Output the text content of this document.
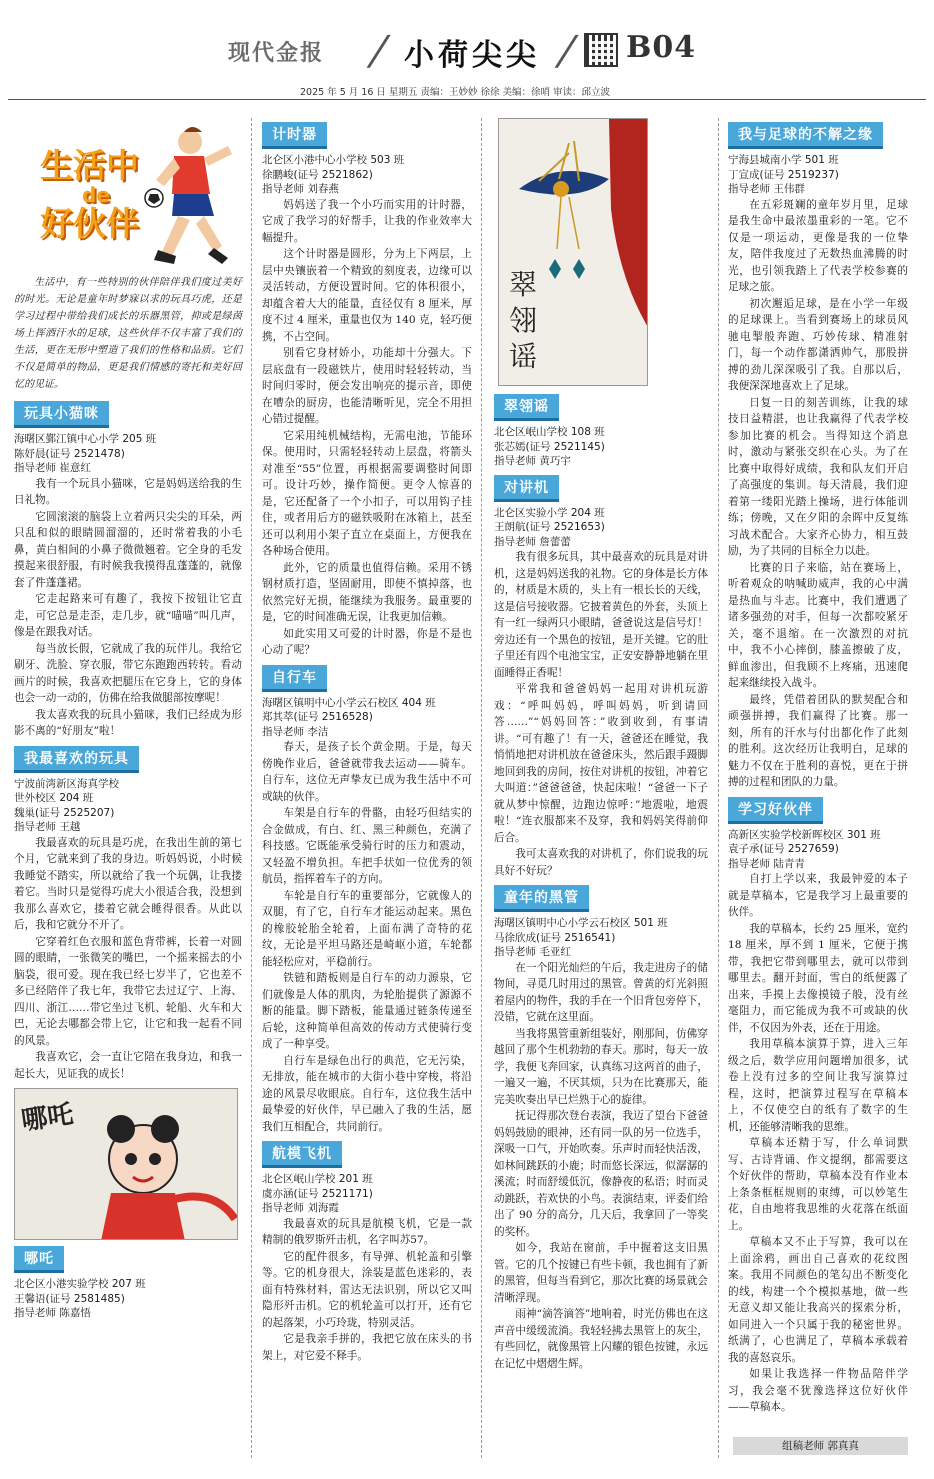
现代金报 / 小荷尖尖 / B04
2025 年 5 月 16 日 星期五 责编：王妙妙 徐徐 美编：徐哨 审读：邱立波
生活中
de
好伙伴

生活中，有一些特别的伙伴陪伴我们度过美好的时光。无论是童年时梦寐以求的玩具巧虎，还是学习过程中带给我们成长的乐器黑管，抑或是绿茵场上挥洒汗水的足球，这些伙伴不仅丰富了我们的生活，更在无形中塑造了我们的性格和品质。它们不仅是简单的物品，更是我们情感的寄托和美好回忆的见证。

玩具小猫咪
海曙区鄞江镇中心小学 205 班
陈妤晨(证号 2521478)
指导老师 崔意红

我有一个玩具小猫咪，它是妈妈送给我的生日礼物。

它圆滚滚的脑袋上立着两只尖尖的耳朵，两只乱和似的眼睛圆溜溜的，还时常着我的小毛鼻，黄白相间的小鼻子微微翘着。它全身的毛发摸起来很舒服，有时候我我摸得乱蓬蓬的，就像套了件蓬蓬裙。

它走起路来可有趣了，我按下按钮让它直走，可它总是走歪，走几步，就“喵喵”叫几声，像是在跟我对话。

每当放长假，它就成了我的玩伴儿。我给它刷牙、洗脸、穿衣服，带它东跑跑西转转。看动画片的时候，我喜欢把腿压在它身上，它的身体也会一动一动的，仿佛在给我做腿部按摩呢！

我太喜欢我的玩具小猫咪，我们已经成为形影不离的“好朋友”啦！

我最喜欢的玩具
宁波前湾新区海真学校
世外校区 204 班
魏巢(证号 2525207)
指导老师 王越

我最喜欢的玩具是巧虎，在我出生前的第七个月，它就来到了我的身边。听妈妈说，小时候我睡觉不踏实，所以就给了我一个玩偶，让我搂着它。当时只是觉得巧虎大小很适合我，没想到我那么喜欢它，搂着它就会睡得很香。从此以后，我和它就分不开了。

它穿着红色衣服和蓝色背带裤，长着一对圆圆的眼睛，一张微笑的嘴巴，一个摇来摇去的小脑袋，很可爱。现在我已经七岁半了，它也差不多已经陪伴了我七年，我带它去过辽宁、上海、四川、浙江……带它坐过飞机、轮船、火车和大巴，无论去哪都会带上它，让它和我一起看不同的风景。

我喜欢它，会一直让它陪在我身边，和我一起长大，见证我的成长！

哪吒
哪吒
北仑区小港实验学校 207 班
王馨语(证号 2581485)
指导老师 陈嘉悟
计时器
北仑区小港中心小学校 503 班
徐鹏峻(证号 2521862)
指导老师 刘春燕

妈妈送了我一个小巧而实用的计时器，它成了我学习的好帮手，让我的作业效率大幅提升。

这个计时器是圆形，分为上下两层，上层中央镶嵌着一个精致的刻度表，边缘可以灵活转动，方便设置时间。它的体积很小，却蕴含着大大的能量，直径仅有 8 厘米，厚度不过 4 厘米，重量也仅为 140 克，轻巧便携，不占空间。

别看它身材娇小，功能却十分强大。下层底盘有一段磁铁片，使用时轻轻转动，当时间归零时，便会发出响亮的提示音，即使在嘈杂的厨房，也能清晰听见，完全不用担心错过提醒。

它采用纯机械结构，无需电池，节能环保。使用时，只需轻轻转动上层盘，将箭头对准至“55”位置，再根据需要调整时间即可。设计巧妙，操作简便。更令人惊喜的是，它还配备了一个小扣子，可以用钩子挂住，或者用后方的磁铁吸附在冰箱上，甚至还可以利用小架子直立在桌面上，方便我在各种场合使用。

此外，它的质量也值得信赖。采用不锈钢材质打造，坚固耐用，即使不慎掉落，也依然完好无损，能继续为我服务。最重要的是，它的时间准确无误，让我更加信赖。

如此实用又可爱的计时器，你是不是也心动了呢？

自行车
海曙区镇明中心小学云石校区 404 班
郑其萃(证号 2516528)
指导老师 李洁

春天，是孩子长个黄金期。于是，每天傍晚作业后，爸爸就带我去运动——骑车。自行车，这位无声挚友已成为我生活中不可或缺的伙伴。

车架是自行车的骨骼，由轻巧但结实的合金做成，有白、红、黑三种颜色，充满了科技感。它既能承受骑行时的压力和震动，又轻盈不增负担。车把手状如一位优秀的领航员，指挥着车子的方向。

车轮是自行车的重要部分，它就像人的双腿，有了它，自行车才能运动起来。黑色的橡胶轮胎全轮着，上面布满了奇特的花纹，无论是平坦马路还是崎岖小道，车轮都能轻松应对，平稳前行。

铁链和踏板则是自行车的动力源泉，它们就像是人体的肌肉，为轮胎提供了源源不断的能量。脚下踏板，能量通过链条传递至后轮，这种简单但高效的传动方式使骑行变成了一种享受。

自行车是绿色出行的典范，它无污染，无排放，能在城市的大街小巷中穿梭，将沿途的风景尽收眼底。自行车，这位我生活中最挚爱的好伙伴，早已融入了我的生活，愿我们互相配合，共同前行。

航模飞机
北仑区岷山学校 201 班
虞亦涵(证号 2521171)
指导老师 刘海霞

我最喜欢的玩具是航模飞机，它是一款精制的俄罗斯歼击机，名字叫苏57。

它的配件很多，有导弹、机轮盖和引擎等。它的机身很大，涂装是蓝色迷彩的，表面有特殊材料，雷达无法识别，所以它又叫隐形歼击机。它的机轮盖可以打开，还有它的起落架，小巧玲珑，特别灵活。

它是我亲手拼的，我把它放在床头的书架上，对它爱不释手。

翠翎谣
翠翎谣
北仑区岷山学校 108 班
张芯嫣(证号 2521145)
指导老师 黄巧宇
对讲机
北仑区实验小学 204 班
王朗航(证号 2521653)
指导老师 詹蕾蕾

我有很多玩具，其中最喜欢的玩具是对讲机，这是妈妈送我的礼物。它的身体是长方体的，材质是木质的，头上有一根长长的天线，这是信号接收器。它披着黄色的外套，头顶上有一红一绿两只小眼睛，爸爸说这是信号灯！旁边还有一个黑色的按钮，是开关键。它的肚子里还有四个电池宝宝，正安安静静地躺在里面睡得正香呢！

平常我和爸爸妈妈一起用对讲机玩游戏：“呼叫妈妈，呼叫妈妈，听到请回答……”“妈妈回答：”收到收到，有事请讲。“可有趣了！有一天，爸爸还在睡觉，我悄悄地把对讲机放在爸爸床头，然后跟手蹑脚地回到我的房间，按住对讲机的按钮，冲着它大叫道：”爸爸爸爸，快起床啦！“爸爸一下子就从梦中惊醒，边跑边惊呼：”地震啦，地震啦！“连衣服都来不及穿，我和妈妈笑得前仰后合。

我可太喜欢我的对讲机了，你们说我的玩具好不好玩？

童年的黑管
海曙区镇明中心小学云石校区 501 班
马徐欣成(证号 2516541)
指导老师 毛亚红

在一个阳光灿烂的午后，我走进房子的储物间，寻觅几时用过的黑管。曾黄的灯光斜照着屋内的物件，我的手在一个旧背包旁停下，没错，它就在这里面。

当我将黑管重新组装好，刚那间，仿佛穿越回了那个生机勃勃的春天。那时，每天一放学，我便飞奔回家，认真练习这两首的曲子，一遍又一遍，不厌其烦，只为在比赛那天，能完美吹奏出早已烂熟于心的旋律。

抚记得那次登台表演，我迈了望台下爸爸妈妈鼓励的眼神，还有同一队的另一位选手，深吸一口气，开始吹奏。乐声时而轻快活泼，如林间跳跃的小鹿；时而悠长深远，似潺潺的溪流；时而舒缓低沉，像静夜的私语；时而灵动跳跃，若欢快的小鸟。表演结束，评委们给出了 90 分的高分，几天后，我拿回了一等奖的奖杯。

如今，我站在窗前，手中握着这支旧黑管。它的几个按键已有些卡顿，我也拥有了新的黑管，但每当看到它，那次比赛的场景就会清晰浮现。

雨神“滴答滴答”地响着，时光仿佛也在这声音中缓缓流淌。我轻轻拂去黑管上的灰尘，有些回忆，就像黑管上闪耀的银色按键，永远在记忆中熠熠生辉。

我与足球的不解之缘
宁海县城南小学 501 班
丁宣成(证号 2519237)
指导老师 王伟群

在五彩斑斓的童年岁月里，足球是我生命中最浓墨重彩的一笔。它不仅是一项运动，更像是我的一位挚友，陪伴我度过了无数热血沸腾的时光，也引领我踏上了代表学校参赛的足球之旅。

初次邂逅足球，是在小学一年级的足球课上。当看到赛场上的球员风驰电掣般奔跑、巧妙传球、精准射门，每一个动作都潇洒帅气，那股拼搏的劲儿深深吸引了我。自那以后，我便深深地喜欢上了足球。

日复一日的刻苦训练，让我的球技日益精湛，也让我赢得了代表学校参加比赛的机会。当得知这个消息时，激动与紧张交织在心头。为了在比赛中取得好成绩，我和队友们开启了高强度的集训。每天清晨，我们迎着第一缕阳光踏上操场，进行体能训练；傍晚，又在夕阳的余晖中反复练习战术配合。大家齐心协力，相互鼓励，为了共同的目标全力以赴。

比赛的日子来临，站在赛场上，听着观众的呐喊助威声，我的心中满是热血与斗志。比赛中，我们遭遇了诸多强劲的对手，但每一次都咬紧牙关，毫不退缩。在一次激烈的对抗中，我不小心摔倒，膝盖擦破了皮，鲜血渗出，但我顾不上疼痛，迅速爬起来继续投入战斗。

最终，凭借着团队的默契配合和顽强拼搏，我们赢得了比赛。那一刻，所有的汗水与付出都化作了此刻的胜利。这次经历让我明白，足球的魅力不仅在于胜利的喜悦，更在于拼搏的过程和团队的力量。

学习好伙伴
高新区实验学校新晖校区 301 班
袁子承(证号 2527659)
指导老师 陆青青

自打上学以来，我最钟爱的本子就是草稿本，它是我学习上最重要的伙伴。

我的草稿本，长约 25 厘米，宽约 18 厘米，厚不到 1 厘米，它便于携带，我把它带到哪里去，就可以带到哪里去。翻开封面，雪白的纸便露了出来，手摸上去像摸镜子般，没有丝毫阻力，而它能成为我不可或缺的伙伴，不仅因为外表，还在于用途。

我用草稿本演算于算，进入三年级之后，数学应用问题增加很多，试卷上没有过多的空间让我写演算过程，这时，把演算过程写在草稿本上，不仅使空白的纸有了数字的生机，还能够清晰我的思维。

草稿本还精于写，什么单词默写、古诗背诵、作文提纲，都需要这个好伙伴的帮助，草稿本没有作业本上条条框框规则的束缚，可以妙笔生花，自由地将我思维的火花落在纸面上。

草稿本又不止于写算，我可以在上面涂鸦，画出自己喜欢的花纹图案。我用不同颜色的笔勾出不断变化的线，构建一个个模拟基地，做一些无意义却又能让我高兴的探索分析，如同进入一个只属于我的秘密世界。纸满了，心也满足了，草稿本承载着我的喜怒哀乐。

如果让我选择一件物品陪伴学习，我会毫不犹豫选择这位好伙伴——草稿本。

组稿老师 郭真真
